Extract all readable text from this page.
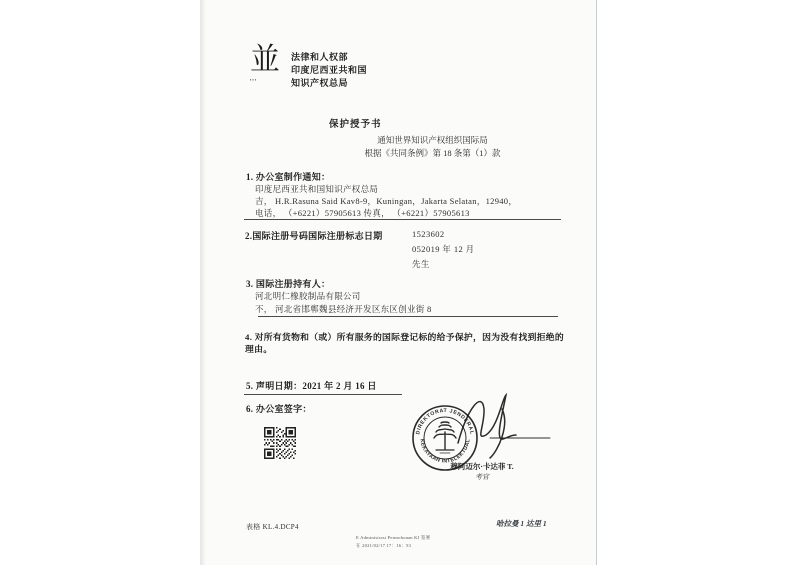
並
▪▪▪
法律和人权部
印度尼西亚共和国
知识产权总局
保护授予书
通知世界知识产权组织国际局
根据《共同条例》第 18 条第（1）款
1. 办公室制作通知：
印度尼西亚共和国知识产权总局
吉， H.R.Rasuna Said Kav8-9，Kuningan，Jakarta Selatan，12940，
电话， （+6221）57905613 传真， （+6221）57905613
2.国际注册号码国际注册标志日期	1523602
052019 年 12 月
先生
3. 国际注册持有人：
河北明仁橡胶制品有限公司
不， 河北省邯郸魏县经济开发区东区创业街 8
4. 对所有货物和（或）所有服务的国际登记标的给予保护，因为没有找到拒绝的理由。
5. 声明日期：2021 年 2 月 16 日
6. 办公室签字：
DIREKTORAT JENDERAL
KEKAYAAN INTELEKTUAL
穆阿迈尔·卡达菲 T.
考官
表格 KL.4.DCP4	哈拉曼 1 达里 1
E Administrasi Permohonan KI 签署
在 2021/02/17 17：16：53
